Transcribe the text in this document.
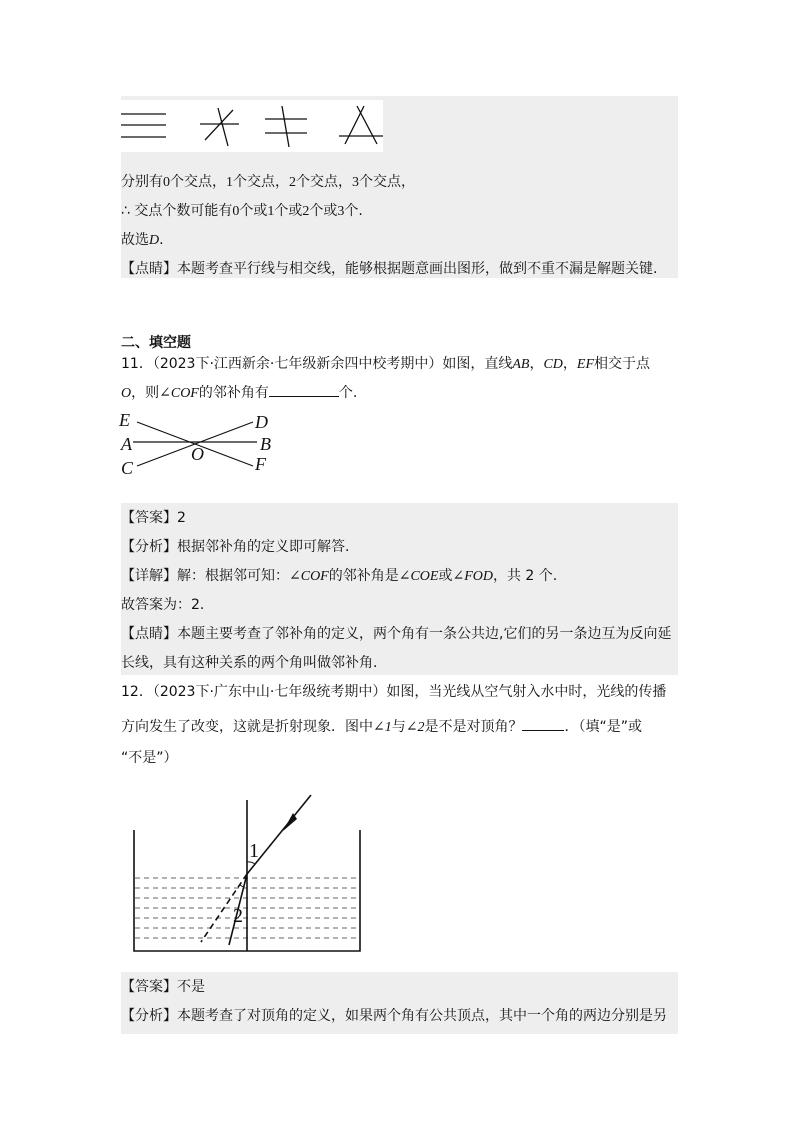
分别有0个交点，1个交点，2个交点，3个交点，
∴ 交点个数可能有0个或1个或2个或3个.
故选D.
【点睛】本题考查平行线与相交线，能够根据题意画出图形，做到不重不漏是解题关键.
二、填空题
11．（2023下·江西新余·七年级新余四中校考期中）如图，直线AB，CD，EF相交于点
O，则∠COF的邻补角有	个.
E	D
A	B
C
O	F
【答案】2
【分析】根据邻补角的定义即可解答.
【详解】解：根据邻可知：∠COF的邻补角是∠COE或∠FOD，共 2 个.
故答案为：2.
【点睛】本题主要考查了邻补角的定义，两个角有一条公共边,它们的另一条边互为反向延
长线，具有这种关系的两个角叫做邻补角.
12．（2023下·广东中山·七年级统考期中）如图，当光线从空气射入水中时，光线的传播
方向发生了改变，这就是折射现象．图中∠1与∠2是不是对顶角？	．（填“是”或
“不是”）
1
2
【答案】不是
【分析】本题考查了对顶角的定义，如果两个角有公共顶点，其中一个角的两边分别是另
